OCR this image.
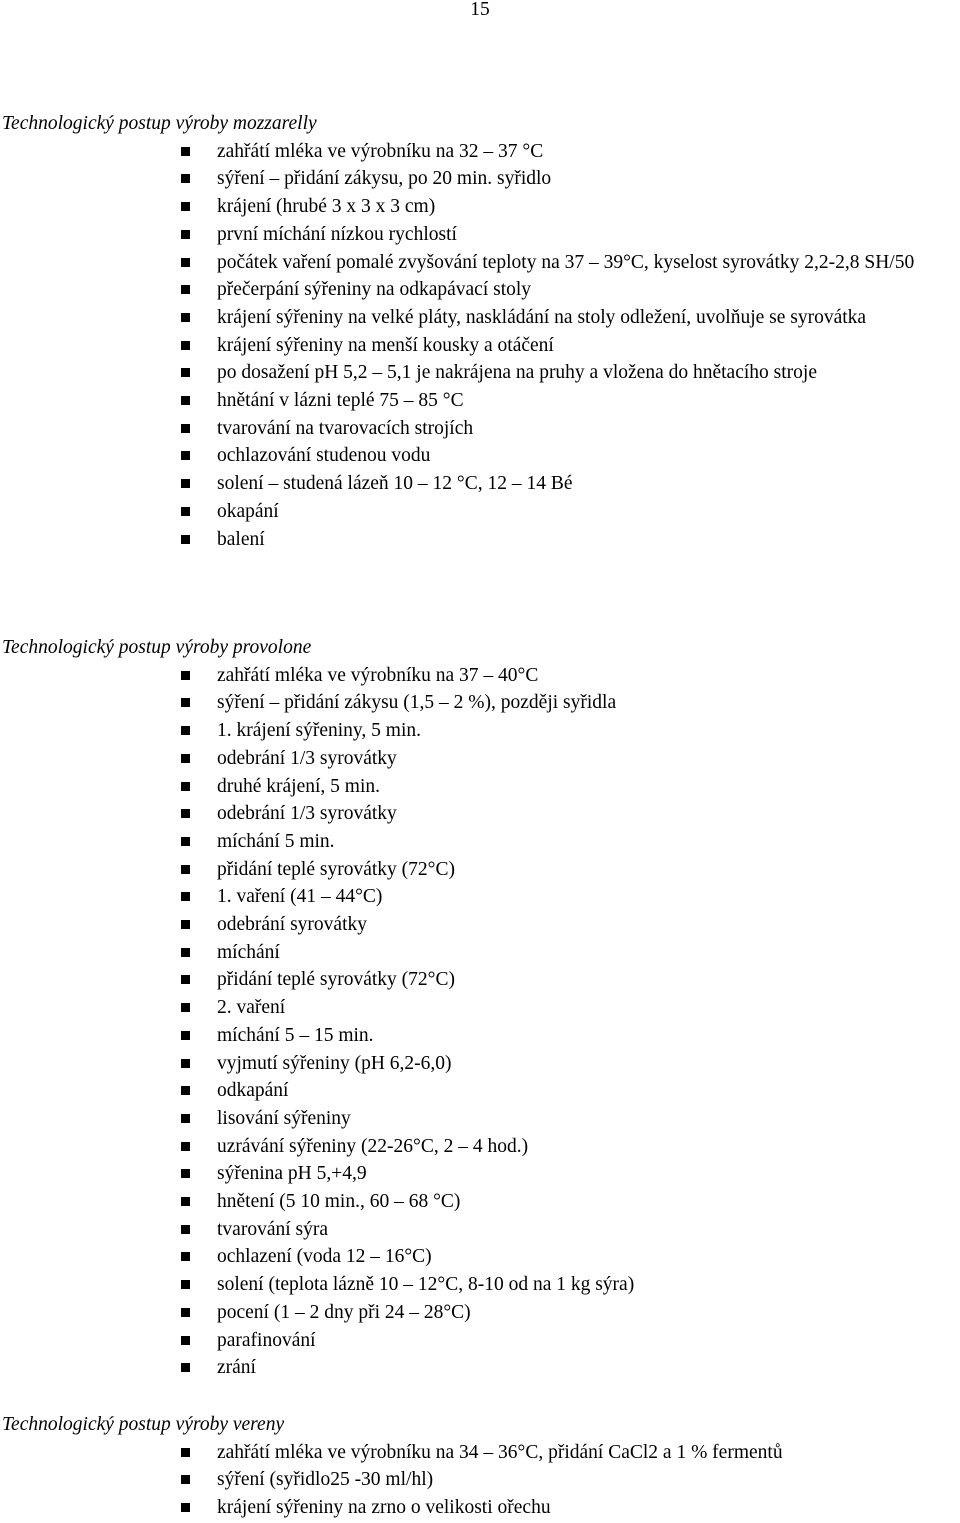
15

Technologický postup výroby mozzarelly

zahřátí mléka ve výrobníku na 32 – 37 °C
sýření – přidání zákysu, po 20 min. syřidlo
krájení (hrubé 3 x 3 x 3 cm)
první míchání nízkou rychlostí
počátek vaření pomalé zvyšování teploty na 37 – 39°C, kyselost syrovátky 2,2-2,8 SH/50
přečerpání sýřeniny na odkapávací stoly
krájení sýřeniny na velké pláty, naskládání na stoly odležení, uvolňuje se syrovátka
krájení sýřeniny na menší kousky a otáčení
po dosažení pH 5,2 – 5,1 je nakrájena na pruhy a vložena do hnětacího stroje
hnětání v lázni teplé 75 – 85 °C
tvarování na tvarovacích strojích
ochlazování studenou vodu
solení – studená lázeň 10 – 12 °C, 12 – 14 Bé
okapání
balení

Technologický postup výroby provolone

zahřátí mléka ve výrobníku na 37 – 40°C
sýření – přidání zákysu (1,5 – 2 %), později syřidla
1. krájení sýřeniny, 5 min.
odebrání 1/3 syrovátky
druhé krájení, 5 min.
odebrání 1/3 syrovátky
míchání 5 min.
přidání teplé syrovátky (72°C)
1. vaření (41 – 44°C)
odebrání syrovátky
míchání
přidání teplé syrovátky (72°C)
2. vaření
míchání 5 – 15 min.
vyjmutí sýřeniny (pH 6,2-6,0)
odkapání
lisování sýřeniny
uzrávání sýřeniny (22-26°C, 2 – 4 hod.)
sýřenina pH 5,+4,9
hnětení (5 10 min., 60 – 68 °C)
tvarování sýra
ochlazení (voda 12 – 16°C)
solení (teplota lázně 10 – 12°C, 8-10 od na 1 kg sýra)
pocení (1 – 2 dny při 24 – 28°C)
parafinování
zrání

Technologický postup výroby vereny

zahřátí mléka ve výrobníku na 34 – 36°C, přidání CaCl2 a 1 % fermentů
sýření (syřidlo25 -30 ml/hl)
krájení sýřeniny na zrno o velikosti ořechu
